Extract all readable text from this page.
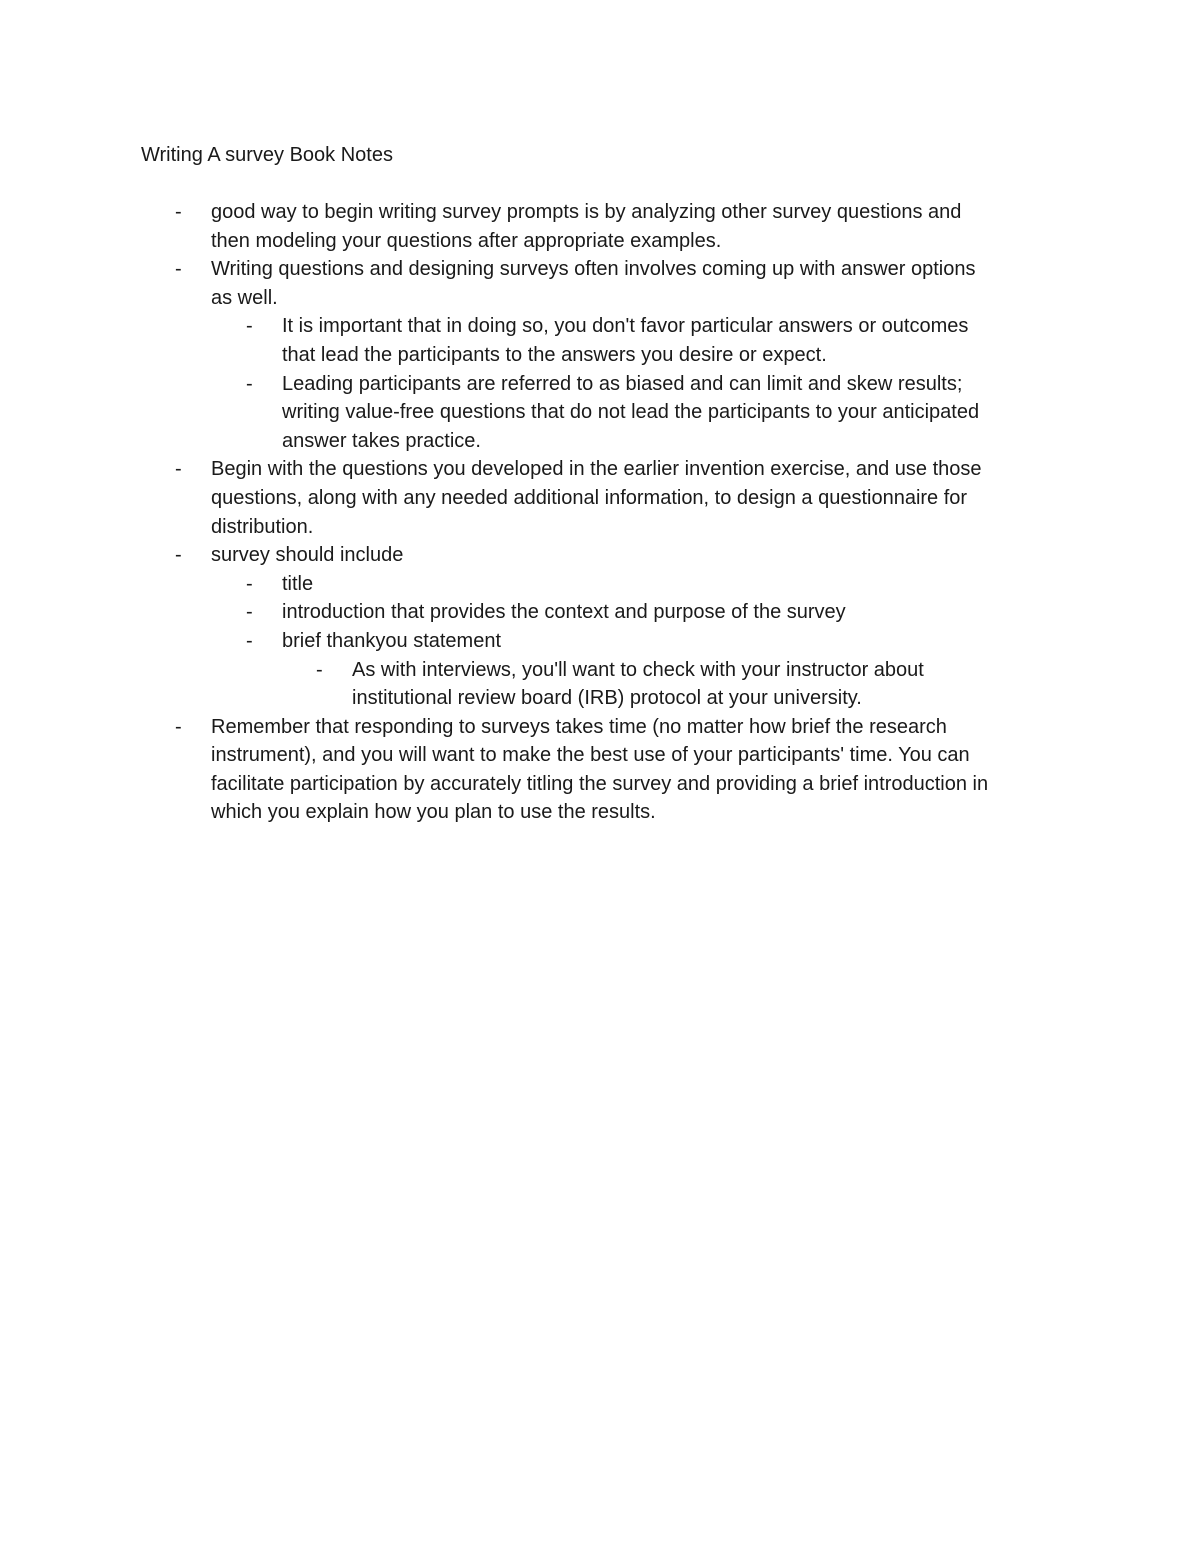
Writing A survey Book Notes
- good way to begin writing survey prompts is by analyzing other survey questions and
then modeling your questions after appropriate examples.
- Writing questions and designing surveys often involves coming up with answer options
as well.
- It is important that in doing so, you don't favor particular answers or outcomes
that lead the participants to the answers you desire or expect.
- Leading participants are referred to as biased and can limit and skew results;
writing value-free questions that do not lead the participants to your anticipated
answer takes practice.
- Begin with the questions you developed in the earlier invention exercise, and use those
questions, along with any needed additional information, to design a questionnaire for
distribution.
- survey should include
- title
- introduction that provides the context and purpose of the survey
- brief thankyou statement
- As with interviews, you'll want to check with your instructor about
institutional review board (IRB) protocol at your university.
- Remember that responding to surveys takes time (no matter how brief the research
instrument), and you will want to make the best use of your participants' time. You can
facilitate participation by accurately titling the survey and providing a brief introduction in
which you explain how you plan to use the results.
